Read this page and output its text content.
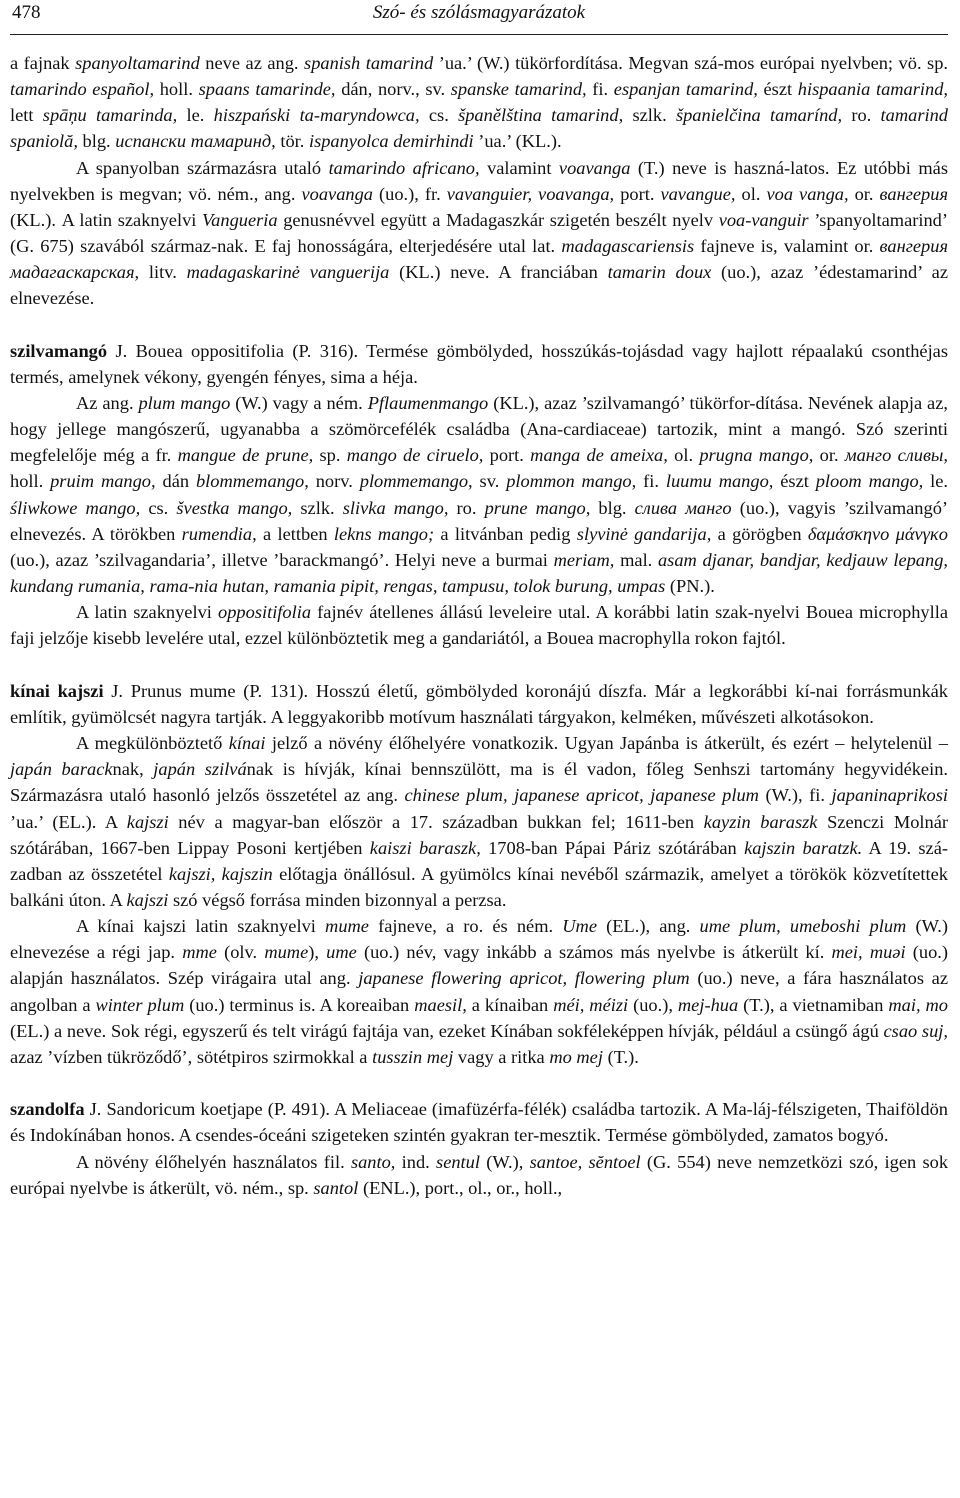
478	Szó- és szólásmagyarázatok

a fajnak spanyoltamarind neve az ang. spanish tamarind ’ua.’ (W.) tükörfordítása. Megvan szá-mos európai nyelvben; vö. sp. tamarindo español, holl. spaans tamarinde, dán, norv., sv. spanske tamarind, fi. espanjan tamarind, észt hispaania tamarind, lett spāņu tamarinda, le. hiszpański ta-maryndowca, cs. španělština tamarind, szlk. španielčina tamarínd, ro. tamarind spaniolă, blg. испански тамаринд, tör. ispanyolca demirhindi ’ua.’ (KL.).

A spanyolban származásra utaló tamarindo africano, valamint voavanga (T.) neve is haszná-latos. Ez utóbbi más nyelvekben is megvan; vö. ném., ang. voavanga (uo.), fr. vavanguier, voavanga, port. vavangue, ol. voa vanga, or. вангерия (KL.). A latin szaknyelvi Vangueria genusnévvel együtt a Madagaszkár szigetén beszélt nyelv voa-vanguir ’spanyoltamarind’ (G. 675) szavából származ-nak. E faj honosságára, elterjedésére utal lat. madagascariensis fajneve is, valamint or. вангерия мадагаскарская, litv. madagaskarinė vanguerija (KL.) neve. A franciában tamarin doux (uo.), azaz ’édestamarind’ az elnevezése.

szilvamangó J. Bouea oppositifolia (P. 316). Termése gömbölyded, hosszúkás-tojásdad vagy hajlott répaalakú csonthéjas termés, amelynek vékony, gyengén fényes, sima a héja.

Az ang. plum mango (W.) vagy a ném. Pflaumenmango (KL.), azaz ’szilvamangó’ tükörfor-dítása. Nevének alapja az, hogy jellege mangószerű, ugyanabba a szömörcefélék családba (Ana-cardiaceae) tartozik, mint a mangó. Szó szerinti megfelelője még a fr. mangue de prune, sp. mango de ciruelo, port. manga de ameixa, ol. prugna mango, or. манго сливы, holl. pruim mango, dán blommemango, norv. plommemango, sv. plommon mango, fi. luumu mango, észt ploom mango, le. śliwkowe mango, cs. švestka mango, szlk. slivka mango, ro. prune mango, blg. слива манго (uo.), vagyis ’szilvamangó’ elnevezés. A törökben rumendia, a lettben lekns mango; a litvánban pedig slyvinė gandarija, a görögben δαμάσκηνο μάνγκο (uo.), azaz ’szilvagandaria’, illetve ’barackmangó’. Helyi neve a burmai meriam, mal. asam djanar, bandjar, kedjauw lepang, kundang rumania, rama-nia hutan, ramania pipit, rengas, tampusu, tolok burung, umpas (PN.).

A latin szaknyelvi oppositifolia fajnév átellenes állású leveleire utal. A korábbi latin szak-nyelvi Bouea microphylla faji jelzője kisebb levelére utal, ezzel különböztetik meg a gandariától, a Bouea macrophylla rokon fajtól.

kínai kajszi J. Prunus mume (P. 131). Hosszú életű, gömbölyded koronájú díszfa. Már a legkorábbi kí-nai forrásmunkák említik, gyümölcsét nagyra tartják. A leggyakoribb motívum használati tárgyakon, kelméken, művészeti alkotásokon.

A megkülönböztető kínai jelző a növény élőhelyére vonatkozik. Ugyan Japánba is átkerült, és ezért – helytelenül – japán baracknak, japán szilvának is hívják, kínai bennszülött, ma is él vadon, főleg Senhszi tartomány hegyvidékein. Származásra utaló hasonló jelzős összetétel az ang. chinese plum, japanese apricot, japanese plum (W.), fi. japaninaprikosi ’ua.’ (EL.). A kajszi név a magyar-ban először a 17. században bukkan fel; 1611-ben kayzin baraszk Szenczi Molnár szótárában, 1667-ben Lippay Posoni kertjében kaiszi baraszk, 1708-ban Pápai Páriz szótárában kajszin baratzk. A 19. szá-zadban az összetétel kajszi, kajszin előtagja önállósul. A gyümölcs kínai nevéből származik, amelyet a törökök közvetítettek balkáni úton. A kajszi szó végső forrása minden bizonnyal a perzsa.

A kínai kajszi latin szaknyelvi mume fajneve, a ro. és ném. Ume (EL.), ang. ume plum, umeboshi plum (W.) elnevezése a régi jap. mme (olv. mume), ume (uo.) név, vagy inkább a számos más nyelvbe is átkerült kí. mei, muəi (uo.) alapján használatos. Szép virágaira utal ang. japanese flowering apricot, flowering plum (uo.) neve, a fára használatos az angolban a winter plum (uo.) terminus is. A koreaiban maesil, a kínaiban méi, méizi (uo.), mej-hua (T.), a vietnamiban mai, mo (EL.) a neve. Sok régi, egyszerű és telt virágú fajtája van, ezeket Kínában sokféleképpen hívják, például a csüngő ágú csao suj, azaz ’vízben tükröződő’, sötétpiros szirmokkal a tusszin mej vagy a ritka mo mej (T.).

szandolfa J. Sandoricum koetjape (P. 491). A Meliaceae (imafüzérfa-félék) családba tartozik. A Ma-láj-félszigeten, Thaiföldön és Indokínában honos. A csendes-óceáni szigeteken szintén gyakran ter-mesztik. Termése gömbölyded, zamatos bogyó.

A növény élőhelyén használatos fil. santo, ind. sentul (W.), santoe, sĕntoel (G. 554) neve nemzetközi szó, igen sok európai nyelvbe is átkerült, vö. ném., sp. santol (ENL.), port., ol., or., holl.,
